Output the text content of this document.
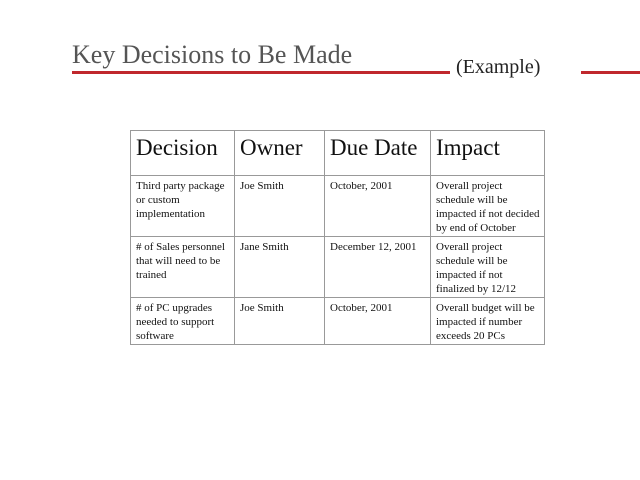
Key Decisions to Be Made	(Example)
Decision	Owner	Due Date	Impact
Third party package or custom implementation	Joe Smith	October, 2001	Overall project schedule will be impacted if not decided by end of October
# of Sales personnel that will need to be trained	Jane Smith	December 12, 2001	Overall project schedule will be impacted if not finalized by 12/12
# of PC upgrades needed to support software	Joe Smith	October, 2001	Overall budget will be impacted if number exceeds 20 PCs
